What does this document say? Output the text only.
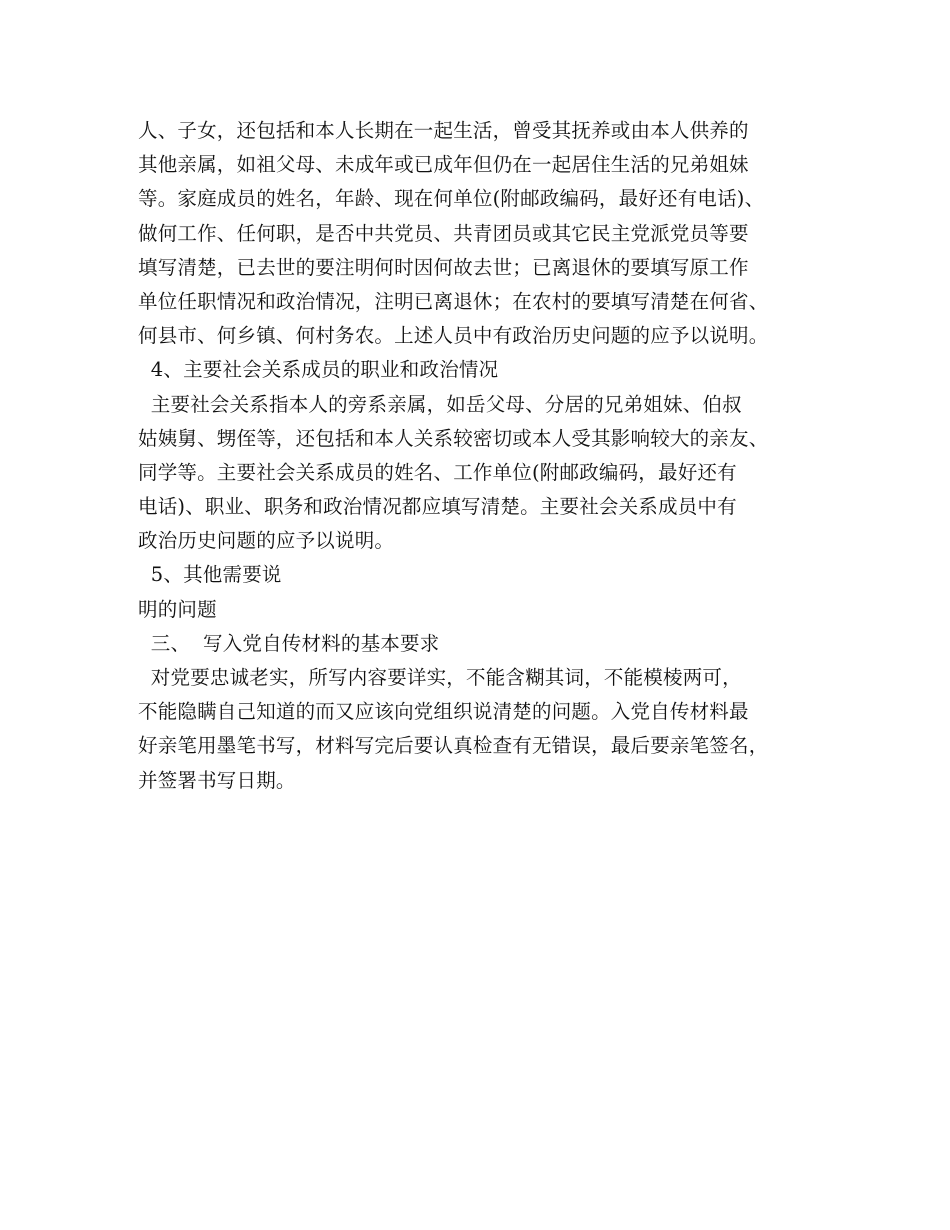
人、子女，还包括和本人长期在一起生活，曾受其抚养或由本人供养的
其他亲属，如祖父母、未成年或已成年但仍在一起居住生活的兄弟姐妹
等。家庭成员的姓名，年龄、现在何单位(附邮政编码，最好还有电话)、
做何工作、任何职，是否中共党员、共青团员或其它民主党派党员等要
填写清楚，已去世的要注明何时因何故去世；已离退休的要填写原工作
单位任职情况和政治情况，注明已离退休；在农村的要填写清楚在何省、
何县市、何乡镇、何村务农。上述人员中有政治历史问题的应予以说明。
4、主要社会关系成员的职业和政治情况
主要社会关系指本人的旁系亲属，如岳父母、分居的兄弟姐妹、伯叔
姑姨舅、甥侄等，还包括和本人关系较密切或本人受其影响较大的亲友、
同学等。主要社会关系成员的姓名、工作单位(附邮政编码，最好还有
电话)、职业、职务和政治情况都应填写清楚。主要社会关系成员中有
政治历史问题的应予以说明。
5、其他需要说
明的问题
三、  写入党自传材料的基本要求
对党要忠诚老实，所写内容要详实，不能含糊其词，不能模棱两可，
不能隐瞒自己知道的而又应该向党组织说清楚的问题。入党自传材料最
好亲笔用墨笔书写，材料写完后要认真检查有无错误，最后要亲笔签名，
并签署书写日期。
